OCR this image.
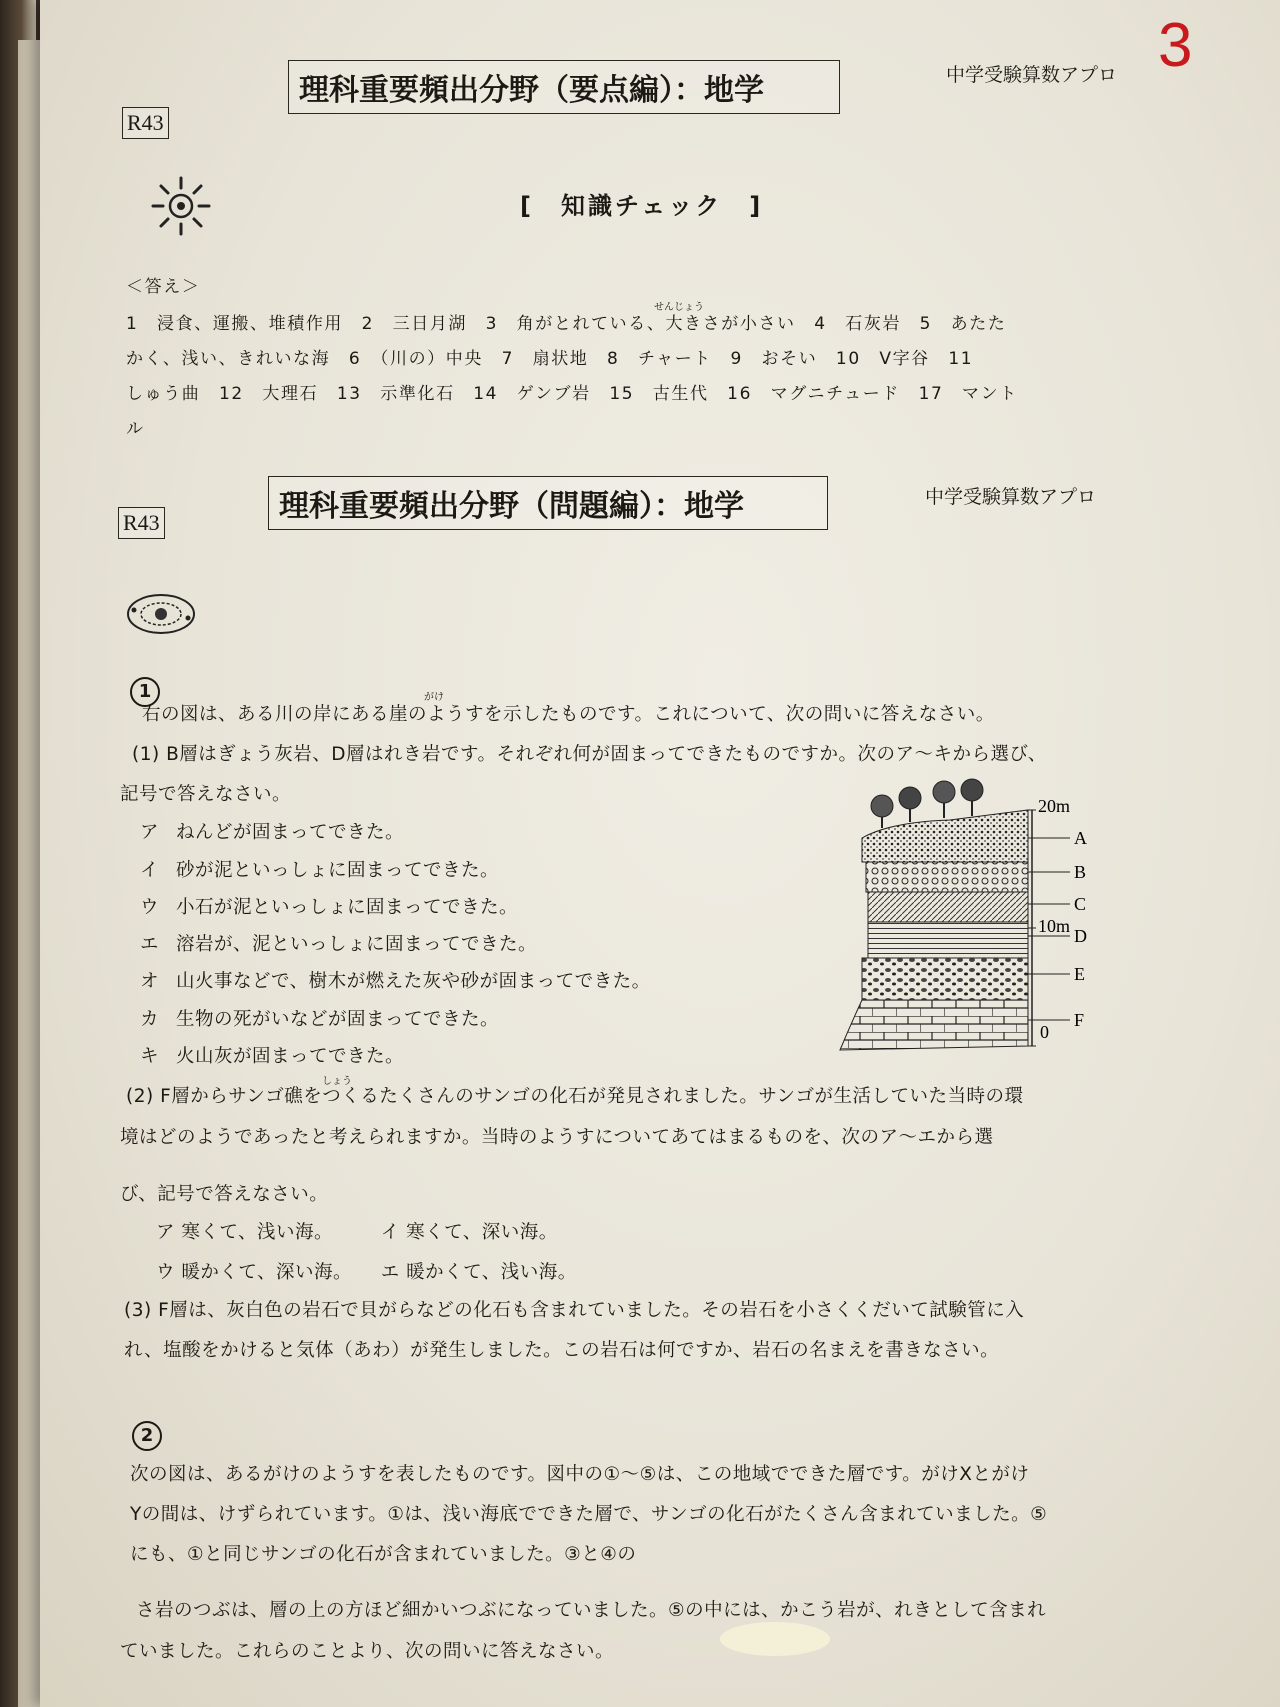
中学受験算数アプロ 3
R43
理科重要頻出分野（要点編）：地学
[　知識チェック　]
＜答え＞
せんじょう
1　浸食、運搬、堆積作用　2　三日月湖　3　角がとれている、大きさが小さい　4　石灰岩　5　あたた
かく、浅い、きれいな海　6　（川の）中央　7　扇状地　8　チャート　9　おそい　10　V字谷　11
しゅう曲　12　大理石　13　示準化石　14　ゲンブ岩　15　古生代　16　マグニチュード　17　マント
ル
R43	理科重要頻出分野（問題編）：地学	中学受験算数アプロ
1	がけ
右の図は、ある川の岸にある崖のようすを示したものです。これについて、次の問いに答えなさい。
(1) B層はぎょう灰岩、D層はれき岩です。それぞれ何が固まってできたものですか。次のア～キから選び、
記号で答えなさい。
ア ねんどが固まってできた。
イ 砂が泥といっしょに固まってできた。
ウ 小石が泥といっしょに固まってできた。
エ 溶岩が、泥といっしょに固まってできた。
オ 山火事などで、樹木が燃えた灰や砂が固まってできた。
カ 生物の死がいなどが固まってできた。
キ 火山灰が固まってできた。
20m
10m
0
A
B
C
D
E
F
しょう
(2) F層からサンゴ礁をつくるたくさんのサンゴの化石が発見されました。サンゴが生活していた当時の環
境はどのようであったと考えられますか。当時のようすについてあてはまるものを、次のア～エから選
び、記号で答えなさい。
ア 寒くて、浅い海。　　　イ 寒くて、深い海。
ウ 暖かくて、深い海。　　エ 暖かくて、浅い海。
(3) F層は、灰白色の岩石で貝がらなどの化石も含まれていました。その岩石を小さくくだいて試験管に入
れ、塩酸をかけると気体（あわ）が発生しました。この岩石は何ですか、岩石の名まえを書きなさい。
2
次の図は、あるがけのようすを表したものです。図中の①～⑤は、この地域でできた層です。がけXとがけ
Yの間は、けずられています。①は、浅い海底でできた層で、サンゴの化石がたくさん含まれていました。⑤
にも、①と同じサンゴの化石が含まれていました。③と④の
さ岩のつぶは、層の上の方ほど細かいつぶになっていました。⑤の中には、かこう岩が、れきとして含まれ
ていました。これらのことより、次の問いに答えなさい。
